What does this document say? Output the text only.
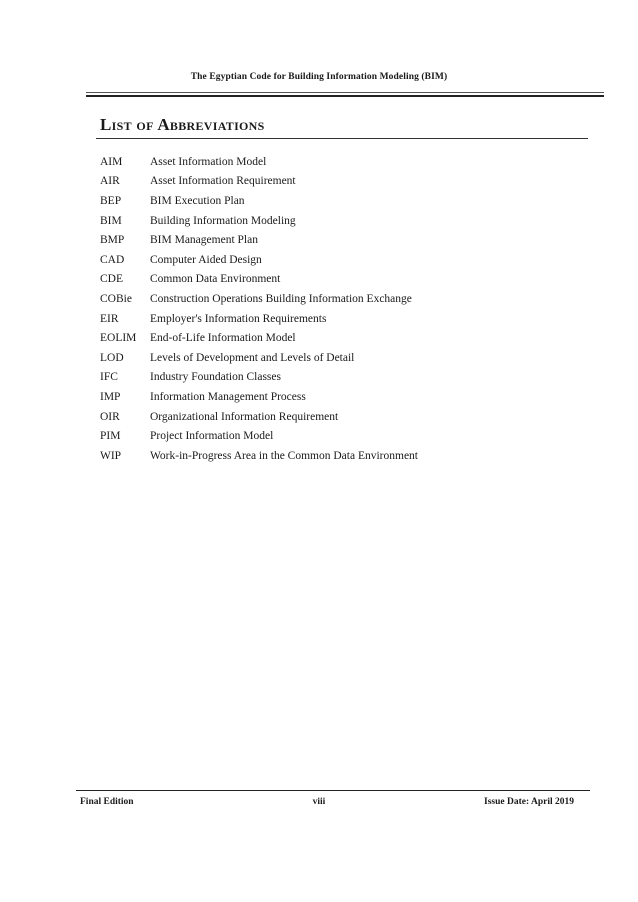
The Egyptian Code for Building Information Modeling (BIM)
List of Abbreviations
AIM	Asset Information Model
AIR	Asset Information Requirement
BEP	BIM Execution Plan
BIM	Building Information Modeling
BMP	BIM Management Plan
CAD	Computer Aided Design
CDE	Common Data Environment
COBie	Construction Operations Building Information Exchange
EIR	Employer's Information Requirements
EOLIM	End-of-Life Information Model
LOD	Levels of Development and Levels of Detail
IFC	Industry Foundation Classes
IMP	Information Management Process
OIR	Organizational Information Requirement
PIM	Project Information Model
WIP	Work-in-Progress Area in the Common Data Environment
Final Edition	viii	Issue Date: April 2019
